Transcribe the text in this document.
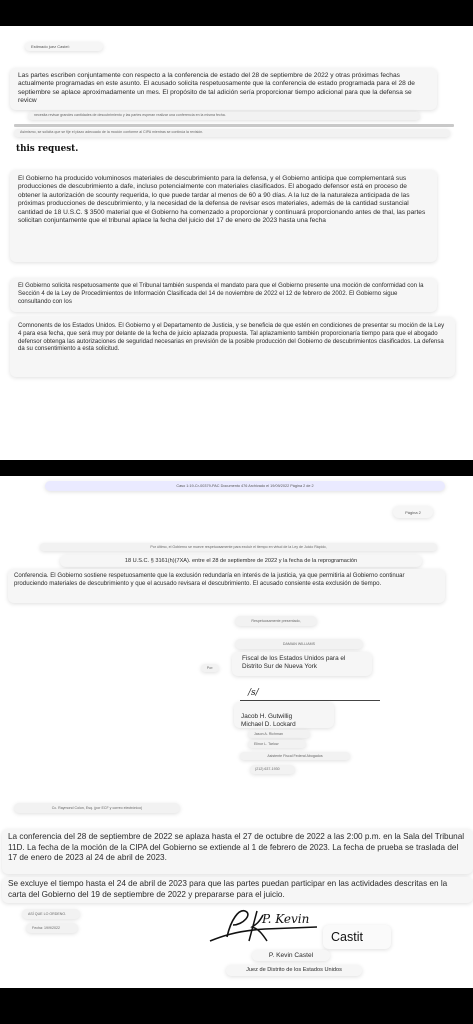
Estimado juez Castel:
Las partes escriben conjuntamente con respecto a la conferencia de estado del 28 de septiembre de 2022 y otras próximas fechas actualmente programadas en este asunto. El acusado solicita respetuosamente que la conferencia de estado programada para el 28 de septiembre se aplace aproximadamente un mes. El propósito de tal adición sería proporcionar tiempo adicional para que la defensa se revicw
necesita revisar grandes cantidades de descubrimiento y las partes esperan realizar una conferencia en la misma fecha.
Asimismo, se solicita que se fije el plazo adecuado de la moción conforme al CIPA mientras se continúa la revisión.
this request.
El Gobierno ha producido voluminosos materiales de descubrimiento para la defensa, y el Gobierno anticipa que complementará sus producciones de descubrimiento a dafe, incluso potencialmente con materiales clasificados. El abogado defensor está en proceso de obtener la autorización de scounty requerida, lo que puede tardar al menos de 60 a 90 días. A la luz de la naturaleza anticipada de las próximas producciones de descubrimiento, y la necesidad de la defensa de revisar esos materiales, además de la cantidad sustancial cantidad de 18 U.S.C. $ 3500 material que el Gobierno ha comenzado a proporcionar y continuará proporcionando antes de thal, las partes solicitan conjuntamente que el tribunal aplace la fecha del juicio del 17 de enero de 2023 hasta una fecha
El Gobierno solicita respetuosamente que el Tribunal también suspenda el mandato para que el Gobierno presente una moción de conformidad con la Sección 4 de la Ley de Procedimientos de Información Clasificada del 14 de noviembre de 2022 el 12 de febrero de 2002. El Gobierno sigue consultando con los
Comnonents de los Estados Unidos. El Gobierno y el Departamento de Justicia, y se beneficia de que estén en condiciones de presentar su moción de la Ley 4 para esa fecha, que será muy por delante de la fecha de juicio aplazada propuesta. Tal aplazamiento también proporcionaría tiempo para que el abogado defensor obtenga las autorizaciones de seguridad necesarias en previsión de la posible producción del Gobierno de descubrimientos clasificados. La defensa da su consentimiento a esta solicitud.
Caso 1:19-Cr-00379-PAC Documento 476 Archivado el 19/09/2022 Página 2 de 2
Página 2
Por último, el Gobierno se mueve respetuosamente para excluir el tiempo en virtud de la Ley de Juicio Rápido,
18 U.S.C. § 3161(h)(7XA). entre el 28 de septiembre de 2022 y la fecha de la reprogramación
Conferencia. El Gobierno sostiene respetuosamente que la exclusión redundaría en interés de la justicia, ya que permitiría al Gobierno continuar produciendo materiales de descubrimiento y que el acusado revisara el descubrimiento. El acusado consiente esta exclusión de tiempo.
Respetuosamente presentado,
DAMIAN WILLIAMS
Fiscal de los Estados Unidos para el Distrito Sur de Nueva York
Por:
/s/

Jacob H. Gutwillig
Michael D. Lockard

Jason A. Richman
Elinor L. Tarlow
Asistente Fiscal Federal Abogados
(212) 637-1930
Cc. Raymond Colon, Esq. (por ECF y correo electrónico)
La conferencia del 28 de septiembre de 2022 se aplaza hasta el 27 de octubre de 2022 a las 2:00 p.m. en la Sala del Tribunal 11D. La fecha de la moción de la CIPA del Gobierno se extiende al 1 de febrero de 2023. La fecha de prueba se traslada del 17 de enero de 2023 al 24 de abril de 2023.
Se excluye el tiempo hasta el 24 de abril de 2023 para que las partes puedan participar en las actividades descritas en la carta del Gobierno del 19 de septiembre de 2022 y prepararse para el juicio.
ASÍ QUE LO ORDENO.
Fecha: 19/9/2022
P. Kevin
Castit
P. Kevin Castel
Juez de Distrito de los Estados Unidos
